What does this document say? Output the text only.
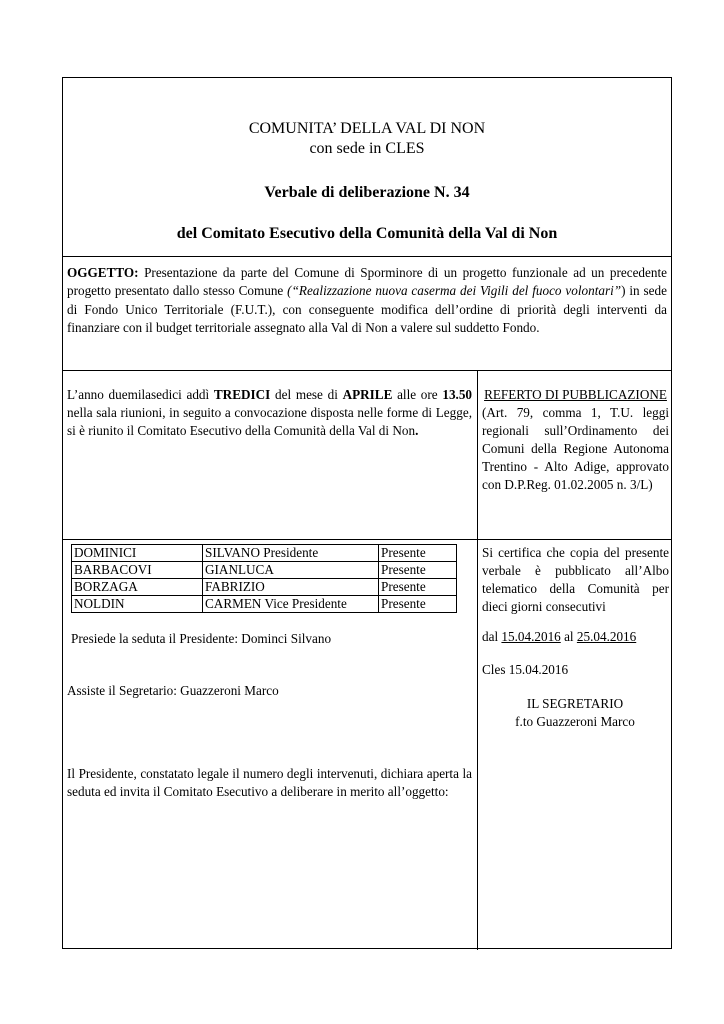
COMUNITA’ DELLA VAL DI NON
con sede in CLES
Verbale di deliberazione N. 34
del Comitato Esecutivo della Comunità della Val di Non
OGGETTO: Presentazione da parte del Comune di Sporminore di un progetto funzionale ad un precedente progetto presentato dallo stesso Comune (“Realizzazione nuova caserma dei Vigili del fuoco volontari”) in sede di Fondo Unico Territoriale (F.U.T.), con conseguente modifica dell’ordine di priorità degli interventi da finanziare con il budget territoriale assegnato alla Val di Non a valere sul suddetto Fondo.
L’anno duemilasedici addì TREDICI del mese di APRILE alle ore 13.50 nella sala riunioni, in seguito a convocazione disposta nelle forme di Legge, si è riunito il Comitato Esecutivo della Comunità della Val di Non.
REFERTO DI PUBBLICAZIONE
(Art. 79, comma 1, T.U. leggi regionali sull’Ordinamento dei Comuni della Regione Autonoma Trentino - Alto Adige, approvato con D.P.Reg. 01.02.2005 n. 3/L)
DOMINICI	SILVANO Presidente	Presente
BARBACOVI	GIANLUCA	Presente
BORZAGA	FABRIZIO	Presente
NOLDIN	CARMEN Vice Presidente	Presente
Presiede la seduta il Presidente: Dominci Silvano
Assiste il Segretario: Guazzeroni Marco
Il Presidente, constatato legale il numero degli intervenuti, dichiara aperta la seduta ed invita il Comitato Esecutivo a deliberare in merito all’oggetto:
Si certifica che copia del presente verbale è pubblicato all’Albo telematico della Comunità per dieci giorni consecutivi
dal 15.04.2016 al 25.04.2016
Cles 15.04.2016
IL SEGRETARIO
f.to Guazzeroni Marco
